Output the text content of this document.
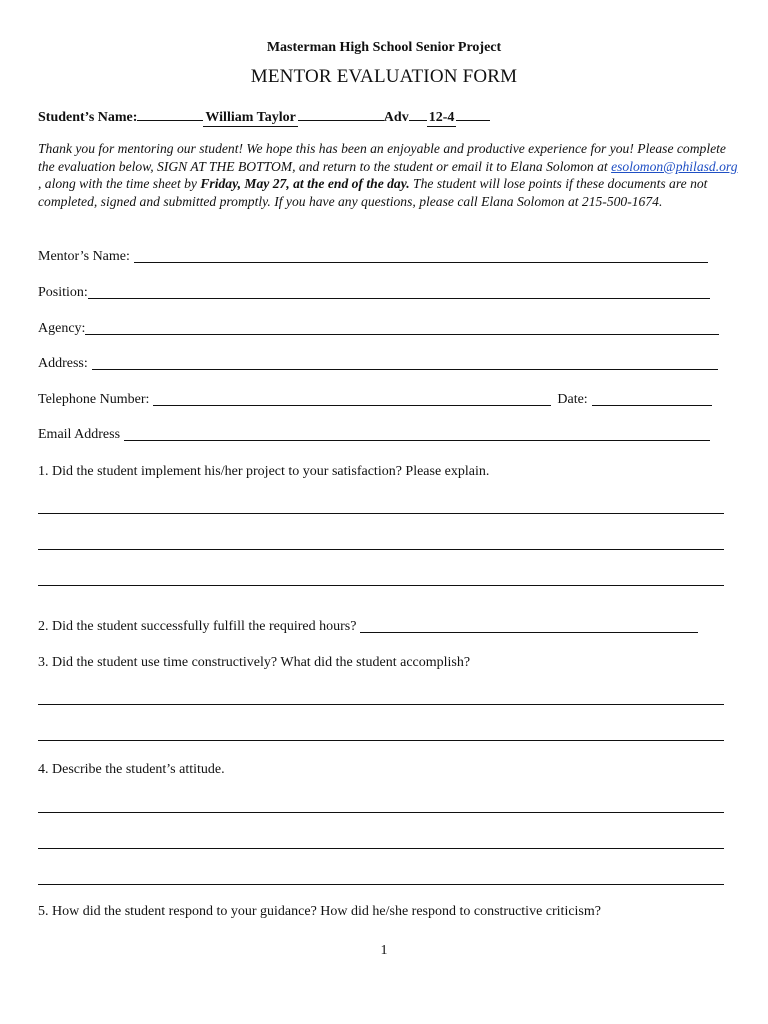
Masterman High School Senior Project
MENTOR EVALUATION FORM
Student’s Name:	William Taylor	Adv 12-4
Thank you for mentoring our student! We hope this has been an enjoyable and productive experience for you! Please complete the evaluation below, SIGN AT THE BOTTOM, and return to the student or email it to Elana Solomon at esolomon@philasd.org , along with the time sheet by Friday, May 27, at the end of the day. The student will lose points if these documents are not completed, signed and submitted promptly. If you have any questions, please call Elana Solomon at 215-500-1674.
Mentor’s Name:
Position:
Agency:
Address:
Telephone Number:	Date:
Email Address
1. Did the student implement his/her project to your satisfaction? Please explain.
2. Did the student successfully fulfill the required hours?
3. Did the student use time constructively? What did the student accomplish?
4. Describe the student’s attitude.
5. How did the student respond to your guidance? How did he/she respond to constructive criticism?
1
